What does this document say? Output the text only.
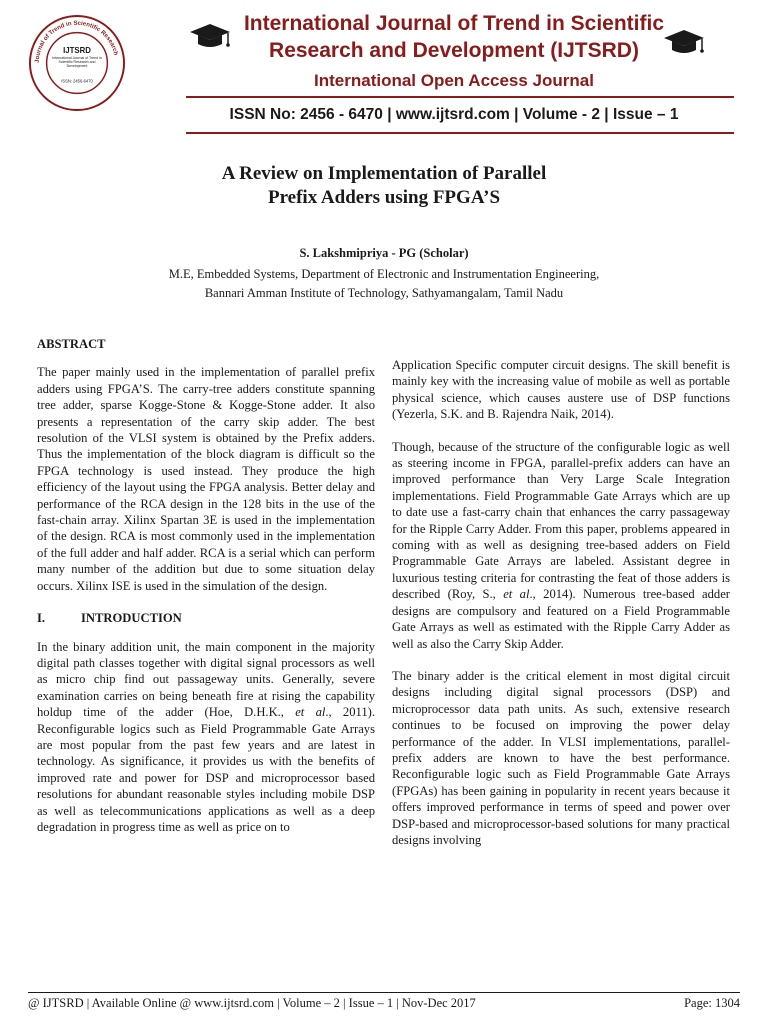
Journal of Trend in Scientific Research
IJTSRD
International Journal of Trend in Scientific Research and Development
ISSN: 2456-6470
International Journal of Trend in Scientific
Research and Development (IJTSRD)
International Open Access Journal
ISSN No: 2456 - 6470 | www.ijtsrd.com | Volume - 2 | Issue – 1
A Review on Implementation of Parallel
Prefix Adders using FPGA’S
S. Lakshmipriya - PG (Scholar)
M.E, Embedded Systems, Department of Electronic and Instrumentation Engineering,
Bannari Amman Institute of Technology, Sathyamangalam, Tamil Nadu
ABSTRACT

The paper mainly used in the implementation of parallel prefix adders using FPGA’S. The carry-tree adders constitute spanning tree adder, sparse Kogge-Stone & Kogge-Stone adder. It also presents a representation of the carry skip adder. The best resolution of the VLSI system is obtained by the Prefix adders. Thus the implementation of the block diagram is difficult so the FPGA technology is used instead. They produce the high efficiency of the layout using the FPGA analysis. Better delay and performance of the RCA design in the 128 bits in the use of the fast-chain array. Xilinx Spartan 3E is used in the implementation of the design. RCA is most commonly used in the implementation of the full adder and half adder. RCA is a serial which can perform many number of the addition but due to some situation delay occurs. Xilinx ISE is used in the simulation of the design.

I.	INTRODUCTION

In the binary addition unit, the main component in the majority digital path classes together with digital signal processors as well as micro chip find out passageway units. Generally, severe examination carries on being beneath fire at rising the capability holdup time of the adder (Hoe, D.H.K., et al., 2011). Reconfigurable logics such as Field Programmable Gate Arrays are most popular from the past few years and are latest in technology. As significance, it provides us with the benefits of improved rate and power for DSP and microprocessor based resolutions for abundant reasonable styles including mobile DSP as well as telecommunications applications as well as a deep degradation in progress time as well as price on to

Application Specific computer circuit designs. The skill benefit is mainly key with the increasing value of mobile as well as portable physical science, which causes austere use of DSP functions (Yezerla, S.K. and B. Rajendra Naik, 2014).

Though, because of the structure of the configurable logic as well as steering income in FPGA, parallel-prefix adders can have an improved performance than Very Large Scale Integration implementations. Field Programmable Gate Arrays which are up to date use a fast-carry chain that enhances the carry passageway for the Ripple Carry Adder. From this paper, problems appeared in coming with as well as designing tree-based adders on Field Programmable Gate Arrays are labeled. Assistant degree in luxurious testing criteria for contrasting the feat of those adders is described (Roy, S., et al., 2014). Numerous tree-based adder designs are compulsory and featured on a Field Programmable Gate Arrays as well as estimated with the Ripple Carry Adder as well as also the Carry Skip Adder.

The binary adder is the critical element in most digital circuit designs including digital signal processors (DSP) and microprocessor data path units. As such, extensive research continues to be focused on improving the power delay performance of the adder. In VLSI implementations, parallel-prefix adders are known to have the best performance. Reconfigurable logic such as Field Programmable Gate Arrays (FPGAs) has been gaining in popularity in recent years because it offers improved performance in terms of speed and power over DSP-based and microprocessor-based solutions for many practical designs involving

@ IJTSRD | Available Online @ www.ijtsrd.com | Volume – 2 | Issue – 1 | Nov-Dec 2017	Page: 1304
